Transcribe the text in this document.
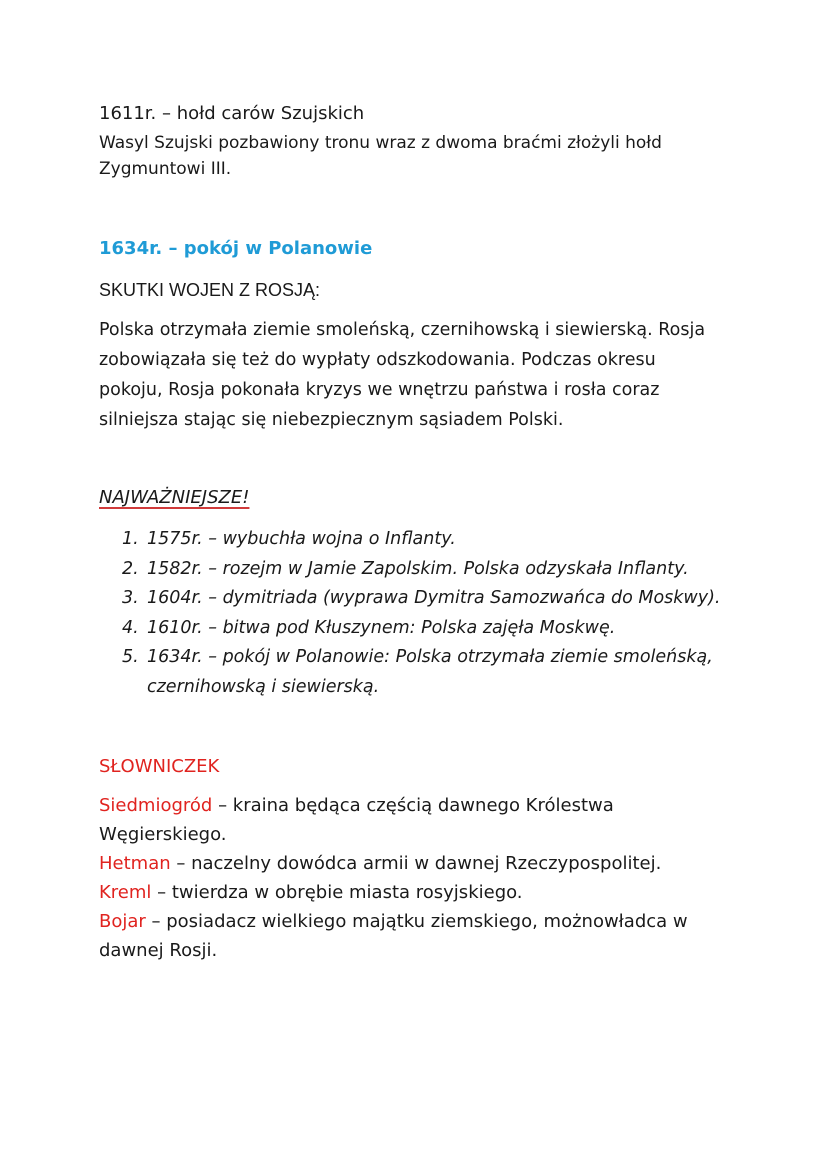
1611r. – hołd carów Szujskich
Wasyl Szujski pozbawiony tronu wraz z dwoma braćmi złożyli hołd
Zygmuntowi III.
1634r. – pokój w Polanowie
SKUTKI WOJEN Z ROSJĄ:
Polska otrzymała ziemie smoleńską, czernihowską i siewierską. Rosja
zobowiązała się też do wypłaty odszkodowania. Podczas okresu
pokoju, Rosja pokonała kryzys we wnętrzu państwa i rosła coraz
silniejsza stając się niebezpiecznym sąsiadem Polski.
NAJWAŻNIEJSZE!
1. 1575r. – wybuchła wojna o Inflanty.
2. 1582r. – rozejm w Jamie Zapolskim. Polska odzyskała Inflanty.
3. 1604r. – dymitriada (wyprawa Dymitra Samozwańca do Moskwy).
4. 1610r. – bitwa pod Kłuszynem: Polska zajęła Moskwę.
5. 1634r. – pokój w Polanowie: Polska otrzymała ziemie smoleńską,
czernihowską i siewierską.
SŁOWNICZEK
Siedmiogród – kraina będąca częścią dawnego Królestwa
Węgierskiego.
Hetman – naczelny dowódca armii w dawnej Rzeczypospolitej.
Kreml – twierdza w obrębie miasta rosyjskiego.
Bojar – posiadacz wielkiego majątku ziemskiego, możnowładca w
dawnej Rosji.
